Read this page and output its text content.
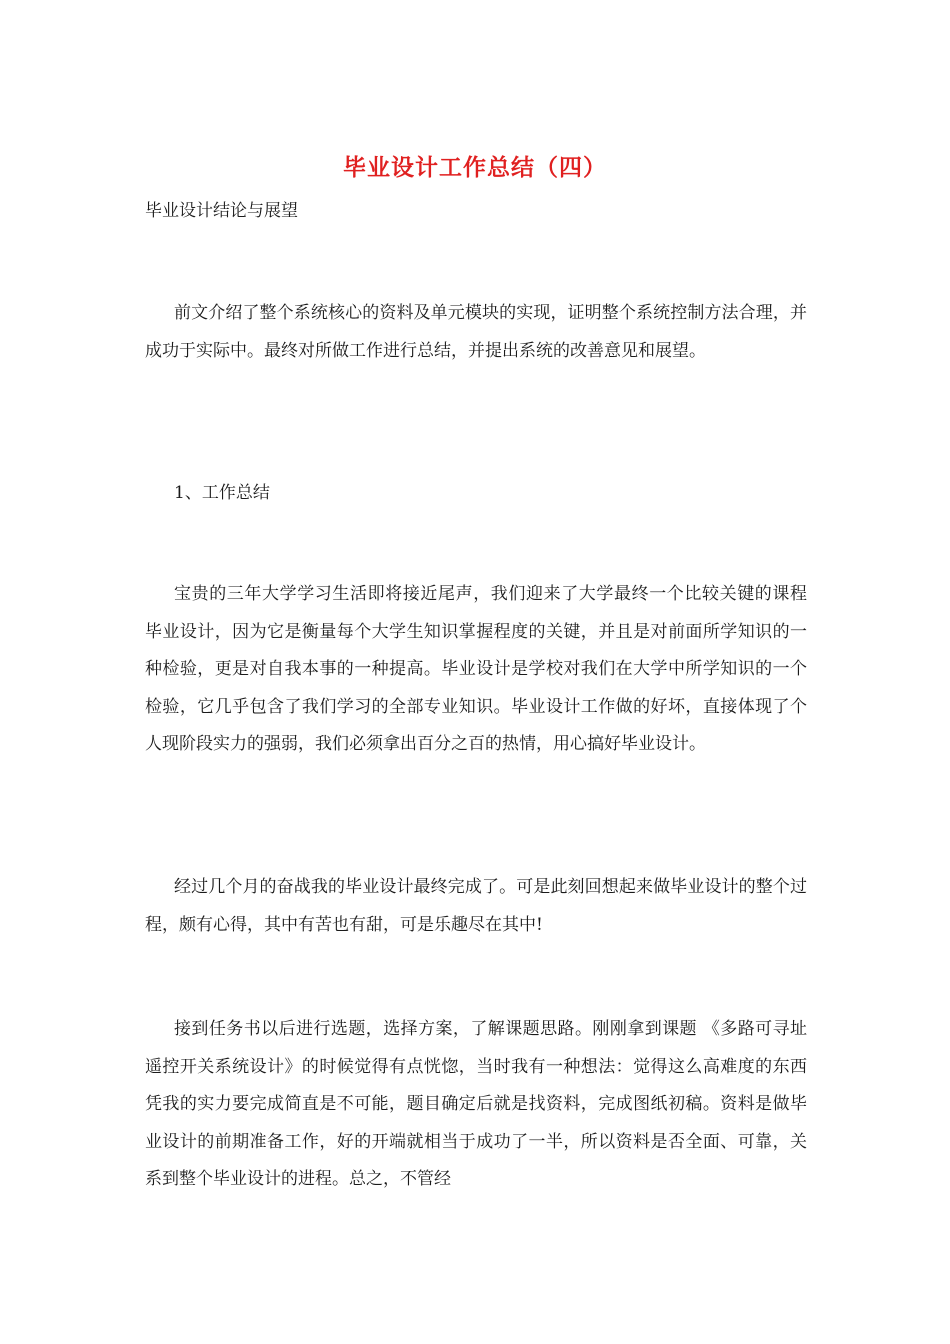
毕业设计工作总结（四）
毕业设计结论与展望

前文介绍了整个系统核心的资料及单元模块的实现，证明整个系统控制方法合理，并成功于实际中。最终对所做工作进行总结，并提出系统的改善意见和展望。

1、工作总结

宝贵的三年大学学习生活即将接近尾声，我们迎来了大学最终一个比较关键的课程 毕业设计，因为它是衡量每个大学生知识掌握程度的关键，并且是对前面所学知识的一种检验，更是对自我本事的一种提高。毕业设计是学校对我们在大学中所学知识的一个检验，它几乎包含了我们学习的全部专业知识。毕业设计工作做的好坏，直接体现了个人现阶段实力的强弱，我们必须拿出百分之百的热情，用心搞好毕业设计。

经过几个月的奋战我的毕业设计最终完成了。可是此刻回想起来做毕业设计的整个过程，颇有心得，其中有苦也有甜，可是乐趣尽在其中!

接到任务书以后进行选题，选择方案，了解课题思路。刚刚拿到课题 《多路可寻址遥控开关系统设计》的时候觉得有点恍惚，当时我有一种想法：觉得这么高难度的东西凭我的实力要完成简直是不可能，题目确定后就是找资料，完成图纸初稿。资料是做毕业设计的前期准备工作，好的开端就相当于成功了一半，所以资料是否全面、可靠，关系到整个毕业设计的进程。总之，不管经
